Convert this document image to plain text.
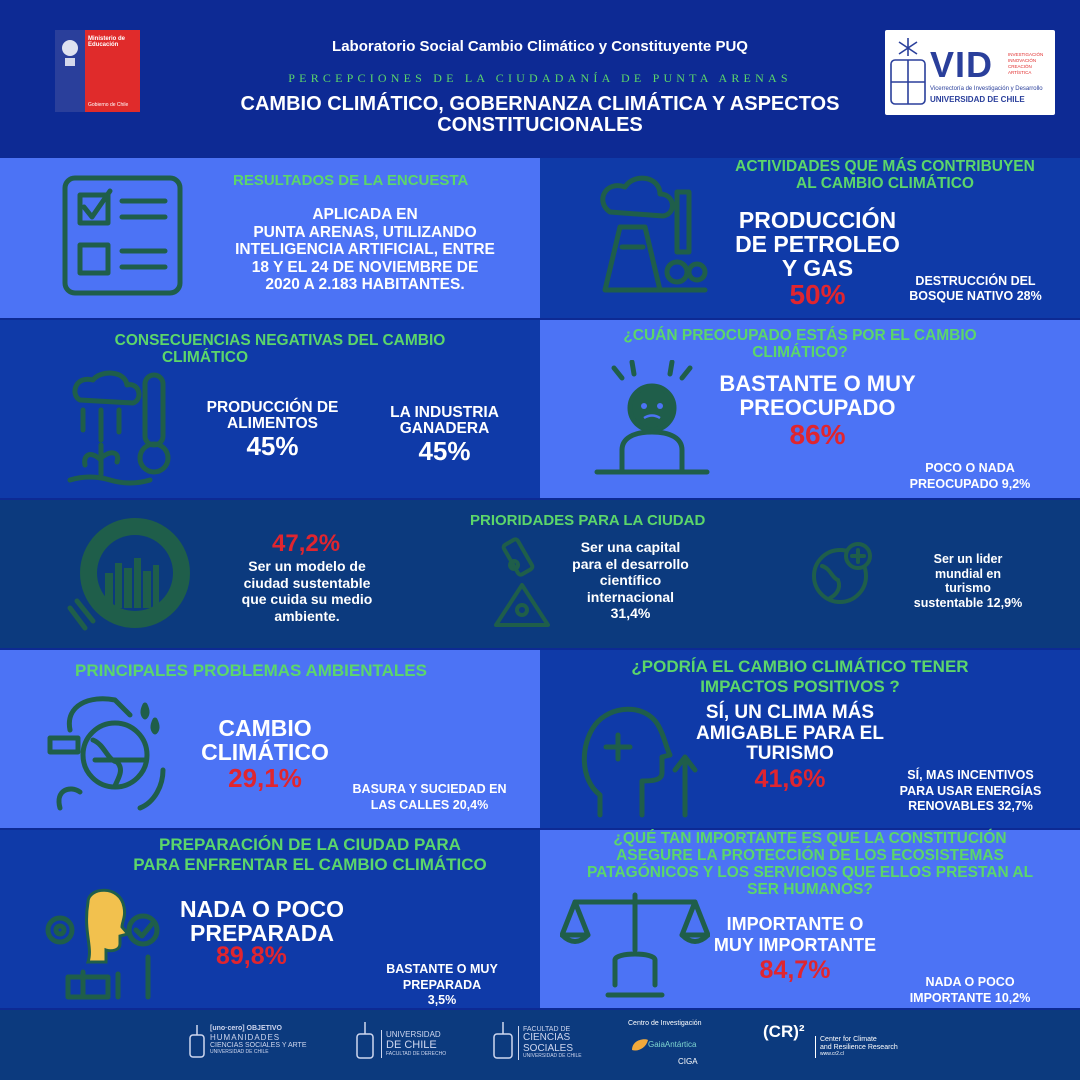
Ministerio de
Educación
Gobierno de Chile
Laboratorio Social Cambio Climático y Constituyente PUQ
PERCEPCIONES DE LA CIUDADANÍA DE PUNTA ARENAS
CAMBIO CLIMÁTICO, GOBERNANZA CLIMÁTICA Y ASPECTOS
CONSTITUCIONALES
VID	INVESTIGACIÓN
INNOVACIÓN
CREACIÓN ARTÍSTICA
Vicerrectoría de Investigación y Desarrollo
UNIVERSIDAD DE CHILE
RESULTADOS DE LA ENCUESTA
APLICADA EN
PUNTA ARENAS, UTILIZANDO
INTELIGENCIA ARTIFICIAL, ENTRE
18 Y EL 24 DE NOVIEMBRE DE
2020 A 2.183 HABITANTES.
ACTIVIDADES QUE MÁS CONTRIBUYEN
AL CAMBIO CLIMÁTICO
PRODUCCIÓN
DE PETROLEO
Y GAS
50%	DESTRUCCIÓN DEL
BOSQUE NATIVO 28%
CONSECUENCIAS NEGATIVAS DEL CAMBIO
CLIMÁTICO
PRODUCCIÓN DE
ALIMENTOS
45%
LA INDUSTRIA
GANADERA
45%
¿CUÁN PREOCUPADO ESTÁS POR EL CAMBIO
CLIMÁTICO?
BASTANTE O MUY
PREOCUPADO
86%
POCO O NADA
PREOCUPADO 9,2%
PRIORIDADES PARA LA CIUDAD
47,2%
Ser un modelo de
ciudad sustentable
que cuida su medio
ambiente.
Ser una capital
para el desarrollo
científico
internacional
31,4%
Ser un lider
mundial en
turismo
sustentable 12,9%
PRINCIPALES PROBLEMAS AMBIENTALES
CAMBIO
CLIMÁTICO
29,1%	BASURA Y SUCIEDAD EN
LAS CALLES 20,4%
¿PODRÍA EL CAMBIO CLIMÁTICO TENER
IMPACTOS POSITIVOS ?
SÍ, UN CLIMA MÁS
AMIGABLE PARA EL
TURISMO
41,6%	SÍ, MAS INCENTIVOS
PARA USAR ENERGÍAS
RENOVABLES 32,7%
PREPARACIÓN DE LA CIUDAD PARA
PARA ENFRENTAR EL CAMBIO CLIMÁTICO
NADA O POCO
PREPARADA
89,8%	BASTANTE O MUY
PREPARADA
3,5%
¿QUÉ TAN IMPORTANTE ES QUE LA CONSTITUCIÓN
ASEGURE LA PROTECCIÓN DE LOS ECOSISTEMAS
PATAGÓNICOS Y LOS SERVICIOS QUE ELLOS PRESTAN AL
SER HUMANOS?
IMPORTANTE O
MUY IMPORTANTE
84,7%	NADA O POCO
IMPORTANTE 10,2%
[uno·cero] OBJETIVO
HUMANIDADES
CIENCIAS SOCIALES Y ARTE
UNIVERSIDAD DE CHILE
UNIVERSIDAD
DE CHILE
FACULTAD DE DERECHO
FACULTAD DE
CIENCIAS
SOCIALES
UNIVERSIDAD DE CHILE
Centro de Investigación
GaiaAntártica
CIGA
(CR)² Center for Climate
and Resilience Research
www.cr2.cl
